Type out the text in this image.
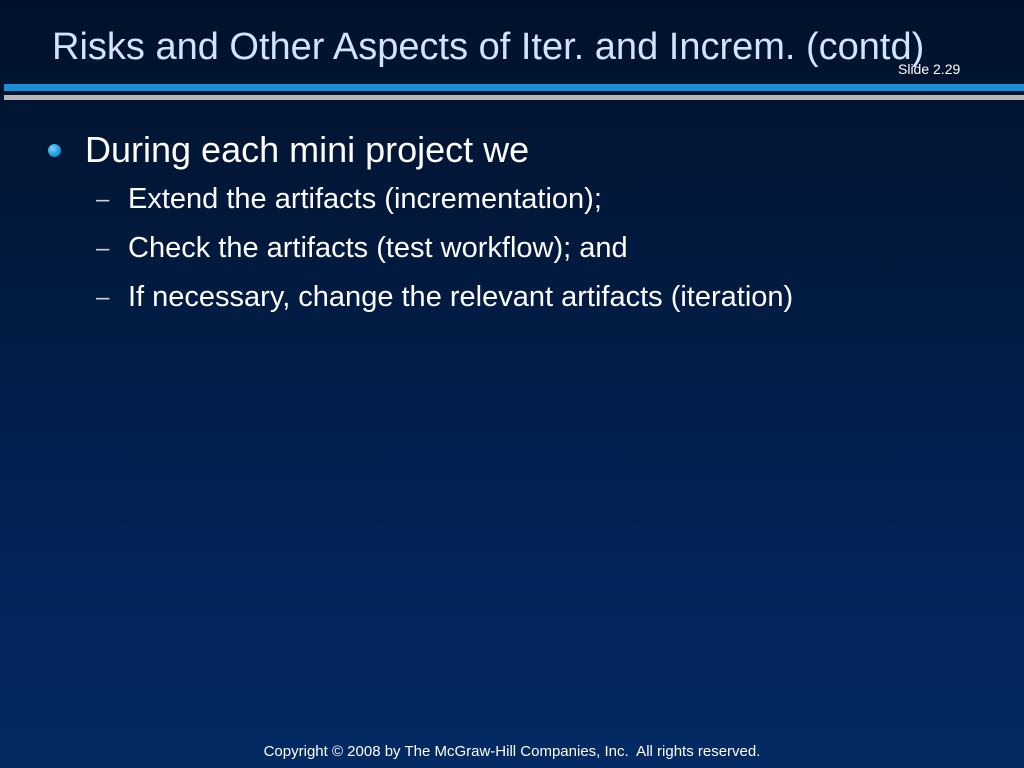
Risks and Other Aspects of Iter. and Increm. (contd)
Slide 2.29
During each mini project we
– Extend the artifacts (incrementation);
– Check the artifacts (test workflow); and
– If necessary, change the relevant artifacts (iteration)
Copyright © 2008 by The McGraw-Hill Companies, Inc.  All rights reserved.
